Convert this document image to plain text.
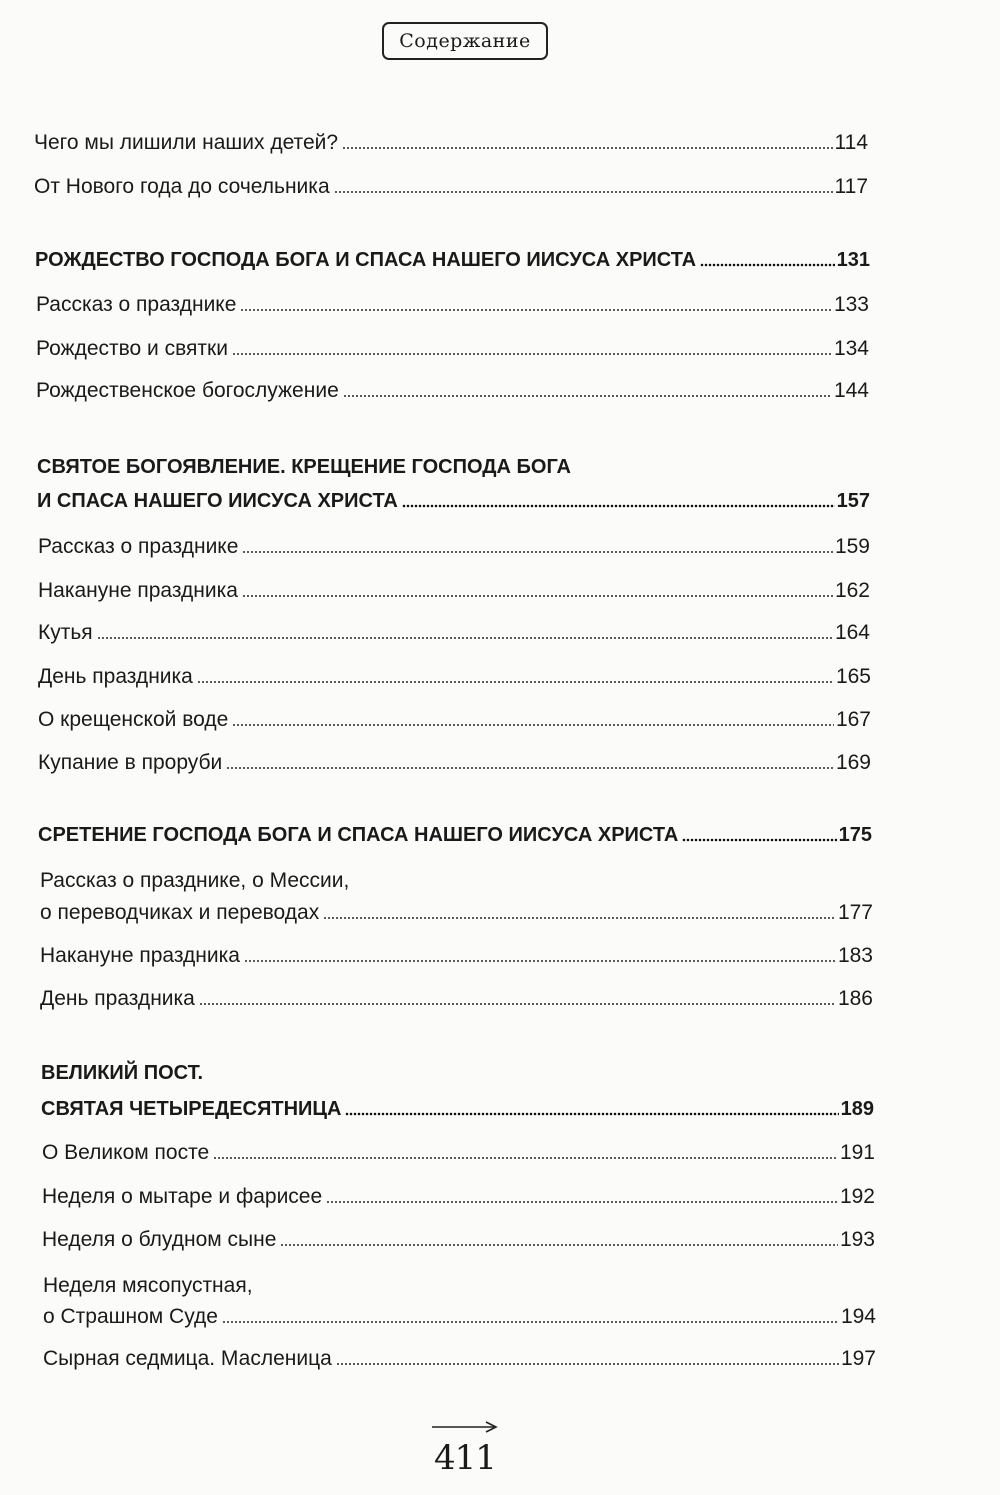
Содержание
Чего мы лишили наших детей?	114
От Нового года до сочельника	117
РОЖДЕСТВО ГОСПОДА БОГА И СПАСА НАШЕГО ИИСУСА ХРИСТА	131
Рассказ о празднике	133
Рождество и святки	134
Рождественское богослужение	144
СВЯТОЕ БОГОЯВЛЕНИЕ. КРЕЩЕНИЕ ГОСПОДА БОГА
И СПАСА НАШЕГО ИИСУСА ХРИСТА	157
Рассказ о празднике	159
Накануне праздника	162
Кутья	164
День праздника	165
О крещенской воде	167
Купание в проруби	169
СРЕТЕНИЕ ГОСПОДА БОГА И СПАСА НАШЕГО ИИСУСА ХРИСТА	175
Рассказ о празднике, о Мессии,
о переводчиках и переводах	177
Накануне праздника	183
День праздника	186
ВЕЛИКИЙ ПОСТ.
СВЯТАЯ ЧЕТЫРЕДЕСЯТНИЦА	189
О Великом посте	191
Неделя о мытаре и фарисее	192
Неделя о блудном сыне	193
Неделя мясопустная,
о Страшном Суде	194
Сырная седмица. Масленица	197
411
